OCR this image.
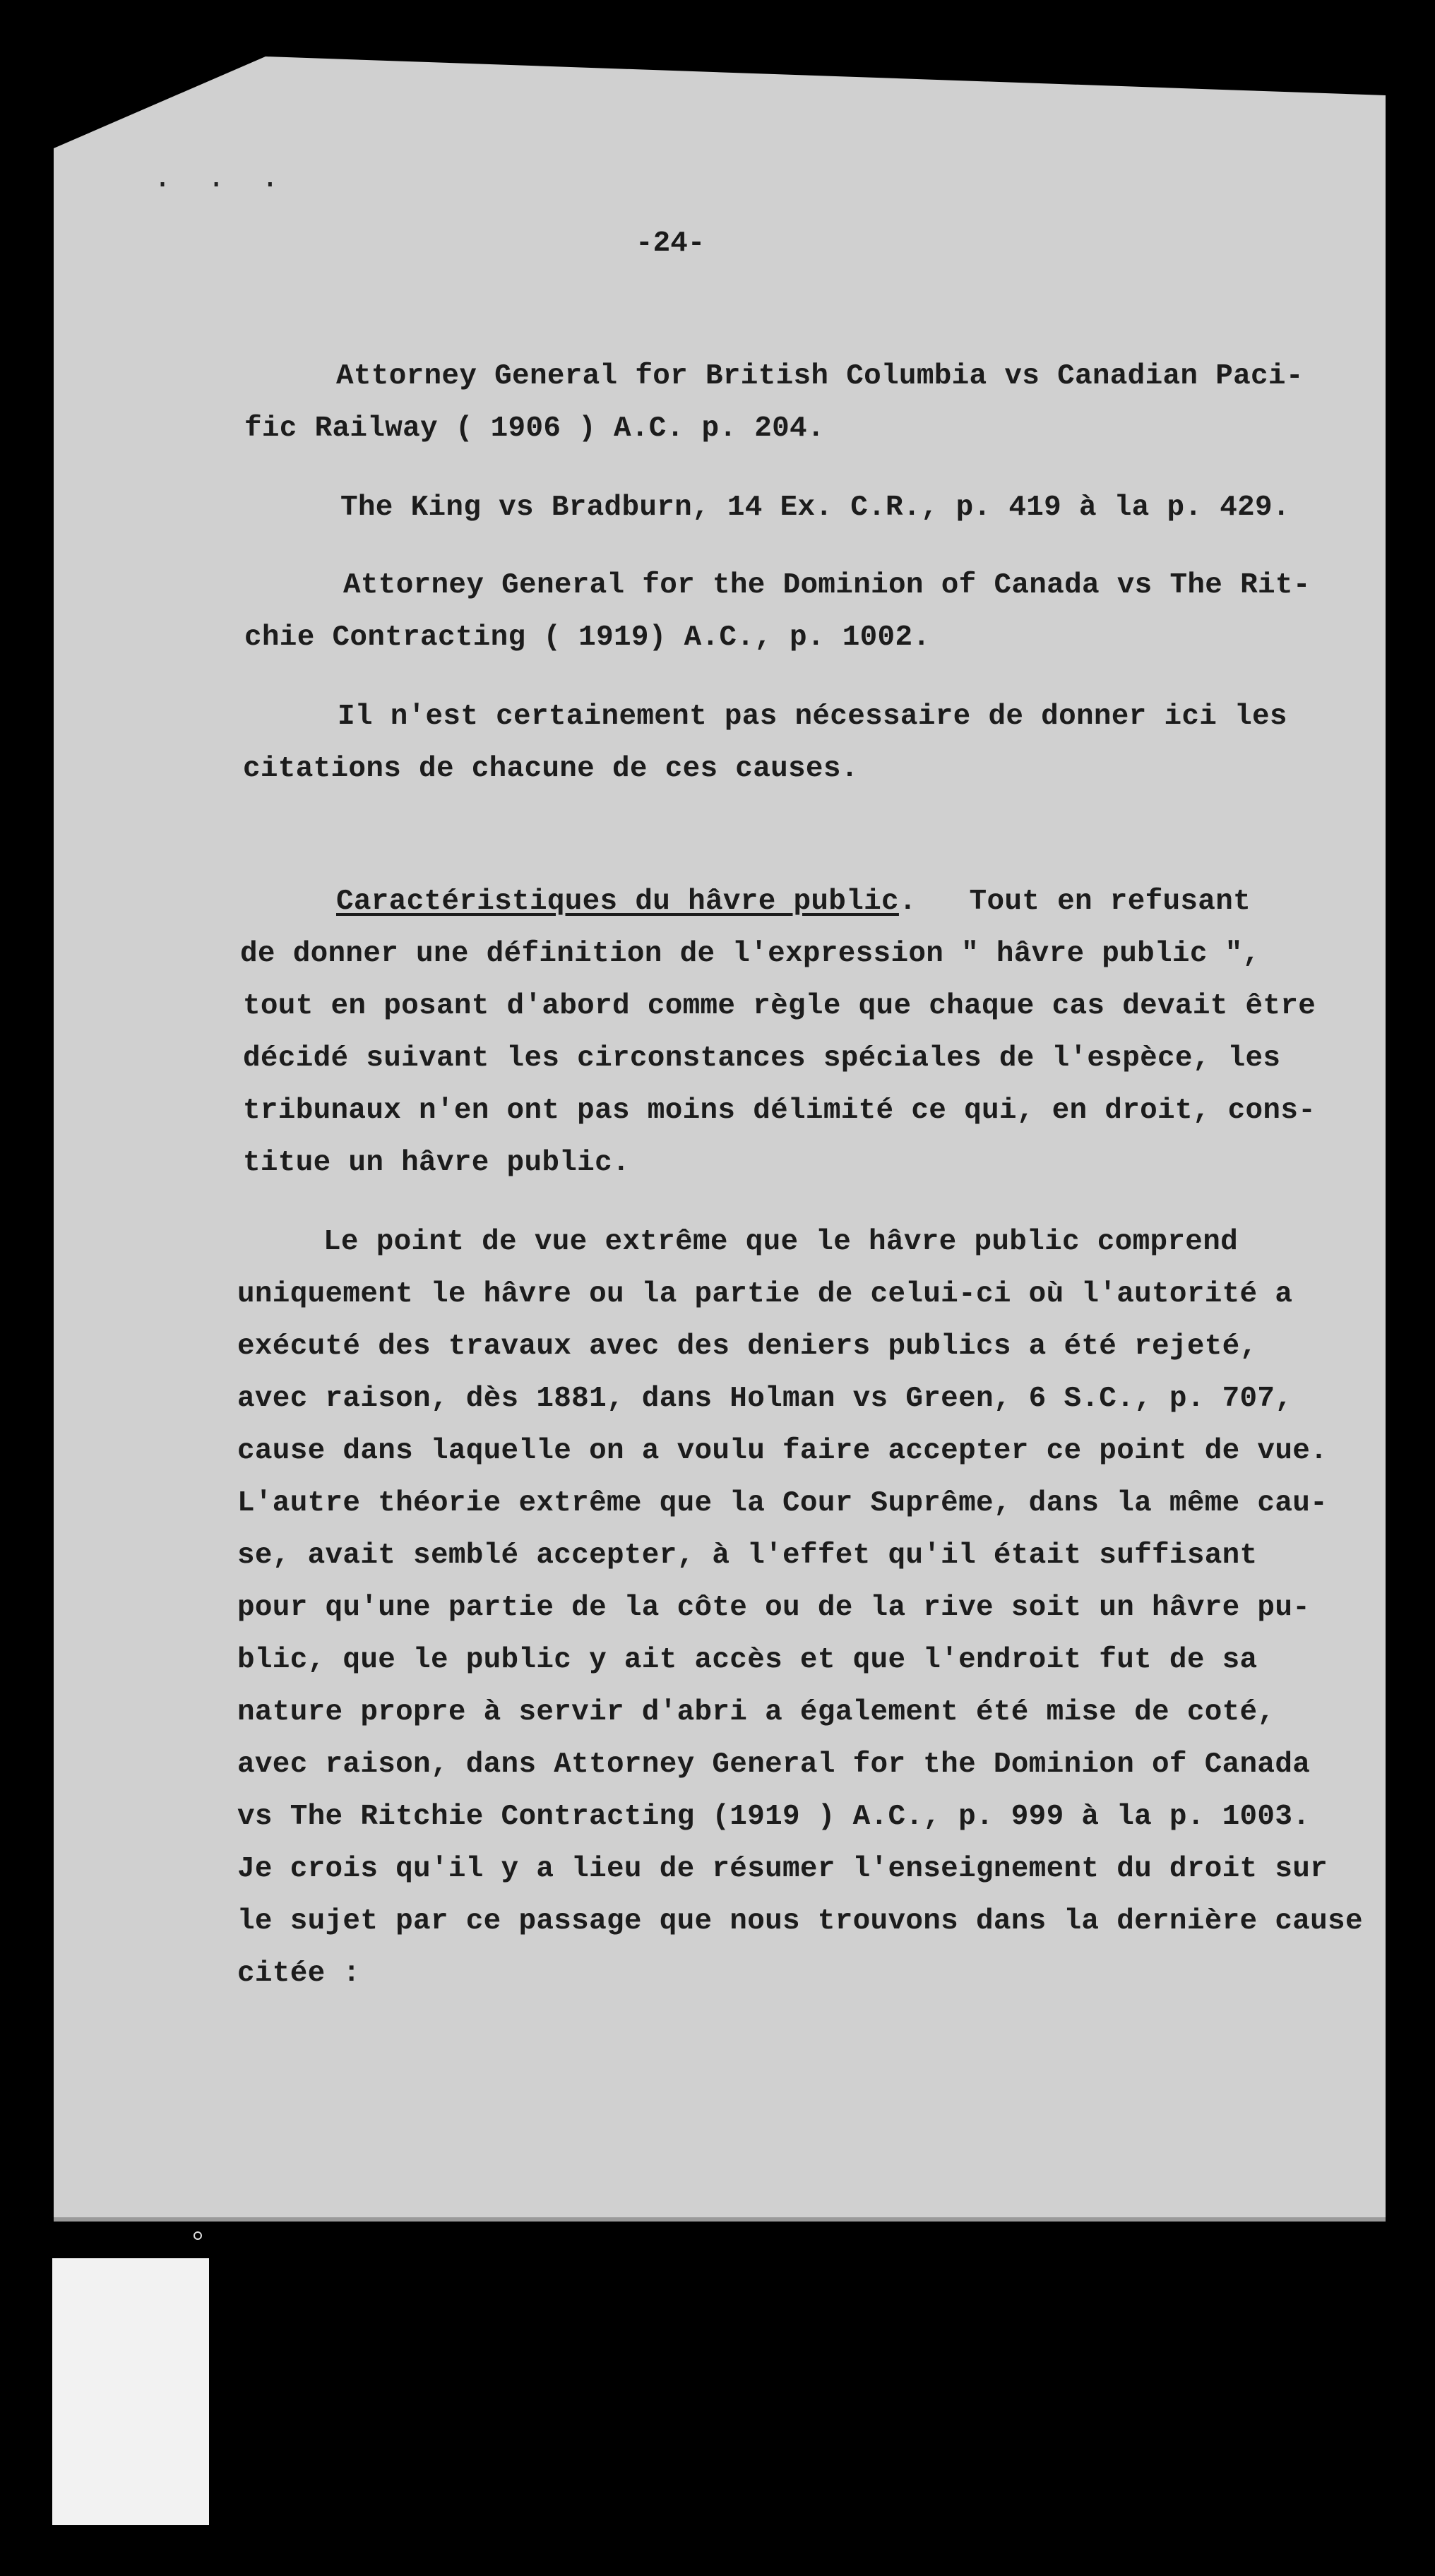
. . .
-24-
Attorney General for British Columbia vs Canadian Paci-
fic Railway ( 1906 ) A.C. p. 204.
The King vs Bradburn, 14 Ex. C.R., p. 419 à la p. 429.
Attorney General for the Dominion of Canada vs The Rit-
chie Contracting ( 1919) A.C., p. 1002.
Il n'est certainement pas nécessaire de donner ici les
citations de chacune de ces causes.
Caractéristiques du hâvre public.   Tout en refusant
de donner une définition de l'expression " hâvre public ",
tout en posant d'abord comme règle que chaque cas devait être
décidé suivant les circonstances spéciales de l'espèce, les
tribunaux n'en ont pas moins délimité ce qui, en droit, cons-
titue un hâvre public.
Le point de vue extrême que le hâvre public comprend
uniquement le hâvre ou la partie de celui-ci où l'autorité a
exécuté des travaux avec des deniers publics a été rejeté,
avec raison, dès 1881, dans Holman vs Green, 6 S.C., p. 707,
cause dans laquelle on a voulu faire accepter ce point de vue.
L'autre théorie extrême que la Cour Suprême, dans la même cau-
se, avait semblé accepter, à l'effet qu'il était suffisant
pour qu'une partie de la côte ou de la rive soit un hâvre pu-
blic, que le public y ait accès et que l'endroit fut de sa
nature propre à servir d'abri a également été mise de coté,
avec raison, dans Attorney General for the Dominion of Canada
vs The Ritchie Contracting (1919 ) A.C., p. 999 à la p. 1003.
Je crois qu'il y a lieu de résumer l'enseignement du droit sur
le sujet par ce passage que nous trouvons dans la dernière cause
citée :
